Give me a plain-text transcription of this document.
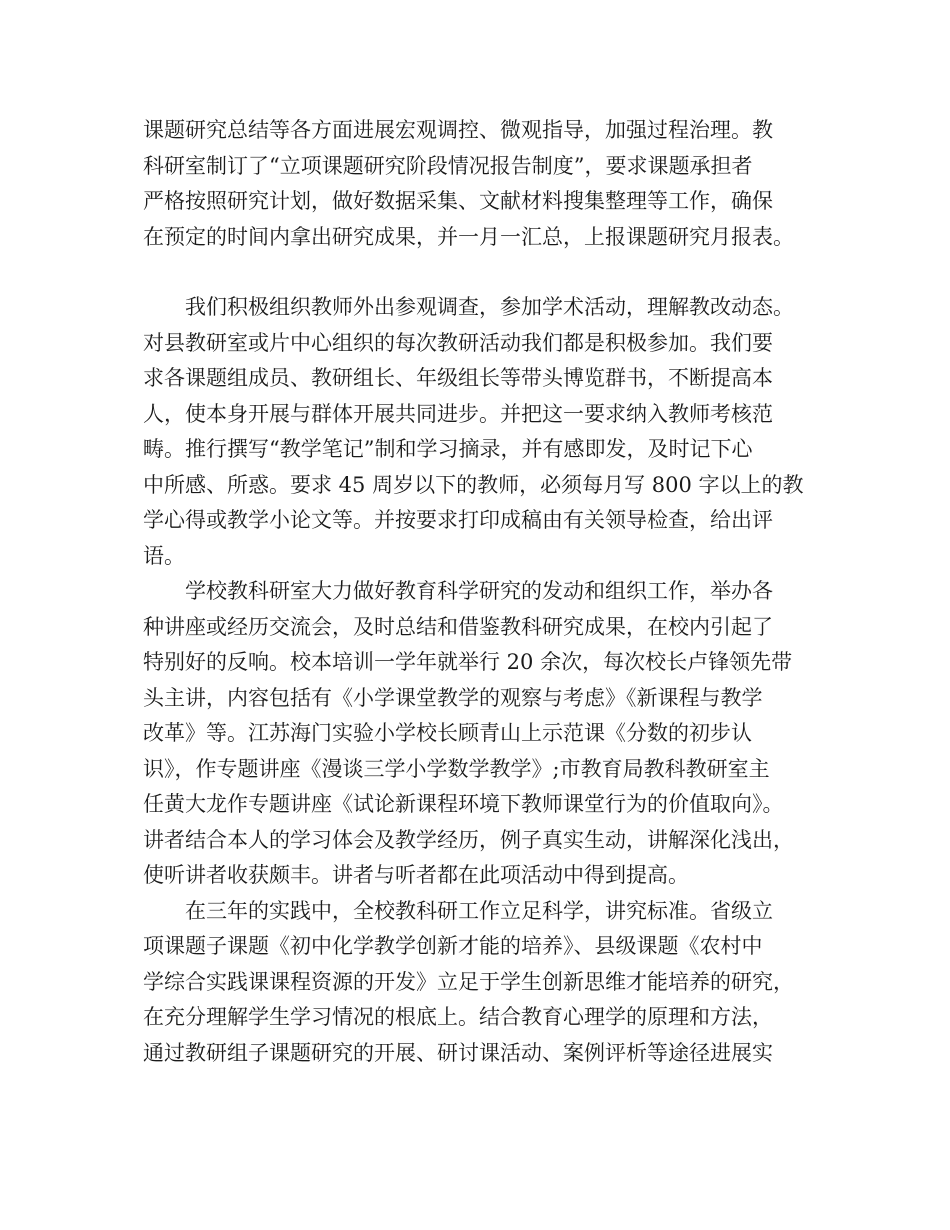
课题研究总结等各方面进展宏观调控、微观指导，加强过程治理。教
科研室制订了“立项课题研究阶段情况报告制度”，要求课题承担者
严格按照研究计划，做好数据采集、文献材料搜集整理等工作，确保
在预定的时间内拿出研究成果，并一月一汇总，上报课题研究月报表。
我们积极组织教师外出参观调查，参加学术活动，理解教改动态。
对县教研室或片中心组织的每次教研活动我们都是积极参加。我们要
求各课题组成员、教研组长、年级组长等带头博览群书，不断提高本
人，使本身开展与群体开展共同进步。并把这一要求纳入教师考核范
畴。推行撰写“教学笔记”制和学习摘录，并有感即发，及时记下心
中所感、所惑。要求 45 周岁以下的教师，必须每月写 800 字以上的教
学心得或教学小论文等。并按要求打印成稿由有关领导检查，给出评
语。
学校教科研室大力做好教育科学研究的发动和组织工作，举办各
种讲座或经历交流会，及时总结和借鉴教科研究成果，在校内引起了
特别好的反响。校本培训一学年就举行 20 余次，每次校长卢锋领先带
头主讲，内容包括有《小学课堂教学的观察与考虑》《新课程与教学
改革》等。江苏海门实验小学校长顾青山上示范课《分数的初步认
识》，作专题讲座《漫谈三学小学数学教学》;市教育局教科教研室主
任黄大龙作专题讲座《试论新课程环境下教师课堂行为的价值取向》。
讲者结合本人的学习体会及教学经历，例子真实生动，讲解深化浅出，
使听讲者收获颇丰。讲者与听者都在此项活动中得到提高。
在三年的实践中，全校教科研工作立足科学，讲究标准。省级立
项课题子课题《初中化学教学创新才能的培养》、县级课题《农村中
学综合实践课课程资源的开发》立足于学生创新思维才能培养的研究，
在充分理解学生学习情况的根底上。结合教育心理学的原理和方法，
通过教研组子课题研究的开展、研讨课活动、案例评析等途径进展实
